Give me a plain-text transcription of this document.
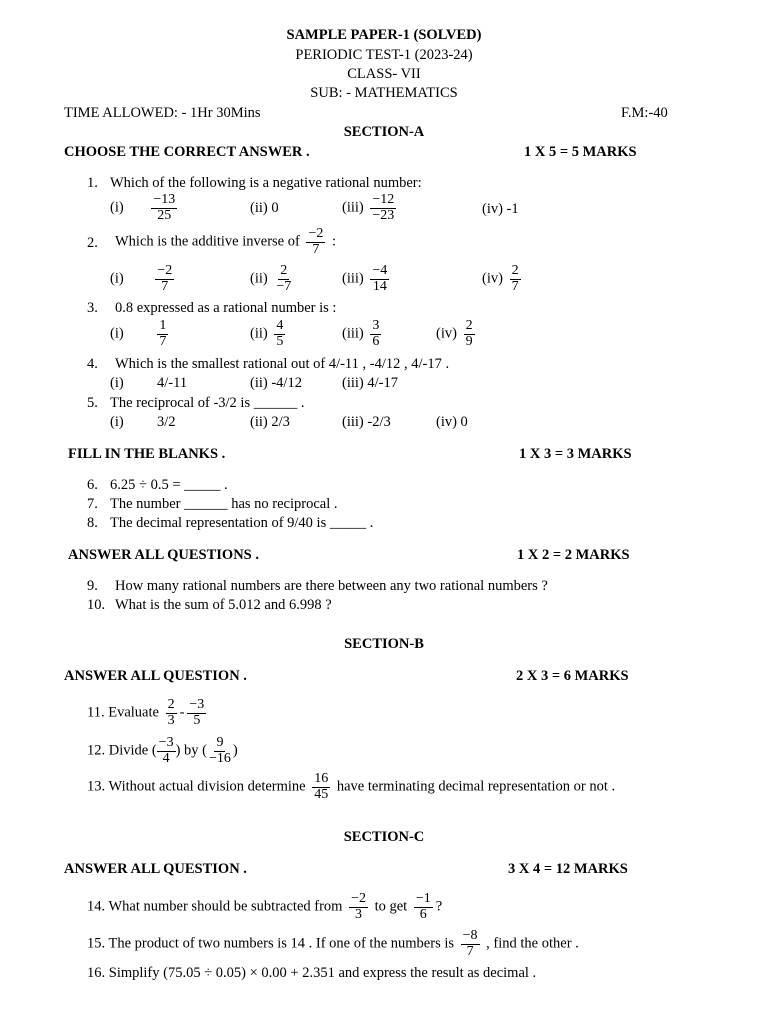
SAMPLE PAPER-1 (SOLVED)
PERIODIC TEST-1 (2023-24)
CLASS- VII
SUB: - MATHEMATICS
TIME ALLOWED: - 1Hr 30Mins	F.M:-40
SECTION-A
CHOOSE THE CORRECT ANSWER .	1 X 5 = 5 MARKS
1. Which of the following is a negative rational number:
$(i) \frac{-13}{25}$	(ii) 0	$(iii) \frac{-12}{-23}$	(iv) -1
2. Which is the additive inverse of $\frac{-2}{7}$ :
$(i) \frac{-2}{7}$	$(ii) \frac{2}{-7}$	$(iii) \frac{-4}{14}$	$(iv) \frac{2}{7}$
3. 0.8 expressed as a rational number is :
$(i) \frac{1}{7}$	$(ii) \frac{4}{5}$	$(iii) \frac{3}{6}$	$(iv) \frac{2}{9}$
4. Which is the smallest rational out of 4/-11 , -4/12 , 4/-17 .
(i) 4/-11	(ii) -4/12	(iii) 4/-17
5. The reciprocal of -3/2 is ______ .
(i) 3/2	(ii) 2/3	(iii) -2/3	(iv) 0
FILL IN THE BLANKS .	1 X 3 = 3 MARKS
6. 6.25 ÷ 0.5 = _____ .
7. The number ______ has no reciprocal .
8. The decimal representation of 9/40 is _____ .
ANSWER ALL QUESTIONS .	1 X 2 = 2 MARKS
9. How many rational numbers are there between any two rational numbers ?
10. What is the sum of 5.012 and 6.998 ?
SECTION-B
ANSWER ALL QUESTION .	2 X 3 = 6 MARKS
11. Evaluate $\frac{2}{3} - \frac{-3}{5}$
12. Divide ( $\frac{-3}{4}$ ) by ( $\frac{9}{-16}$ )
13. Without actual division determine $\frac{16}{45}$ have terminating decimal representation or not .
SECTION-C
ANSWER ALL QUESTION .	3 X 4 = 12 MARKS
14. What number should be subtracted from $\frac{-2}{3}$ to get $\frac{-1}{6}$ ?
15. The product of two numbers is 14 . If one of the numbers is $\frac{-8}{7}$ , find the other .
16. Simplify (75.05 ÷ 0.05) × 0.00 + 2.351 and express the result as decimal .
